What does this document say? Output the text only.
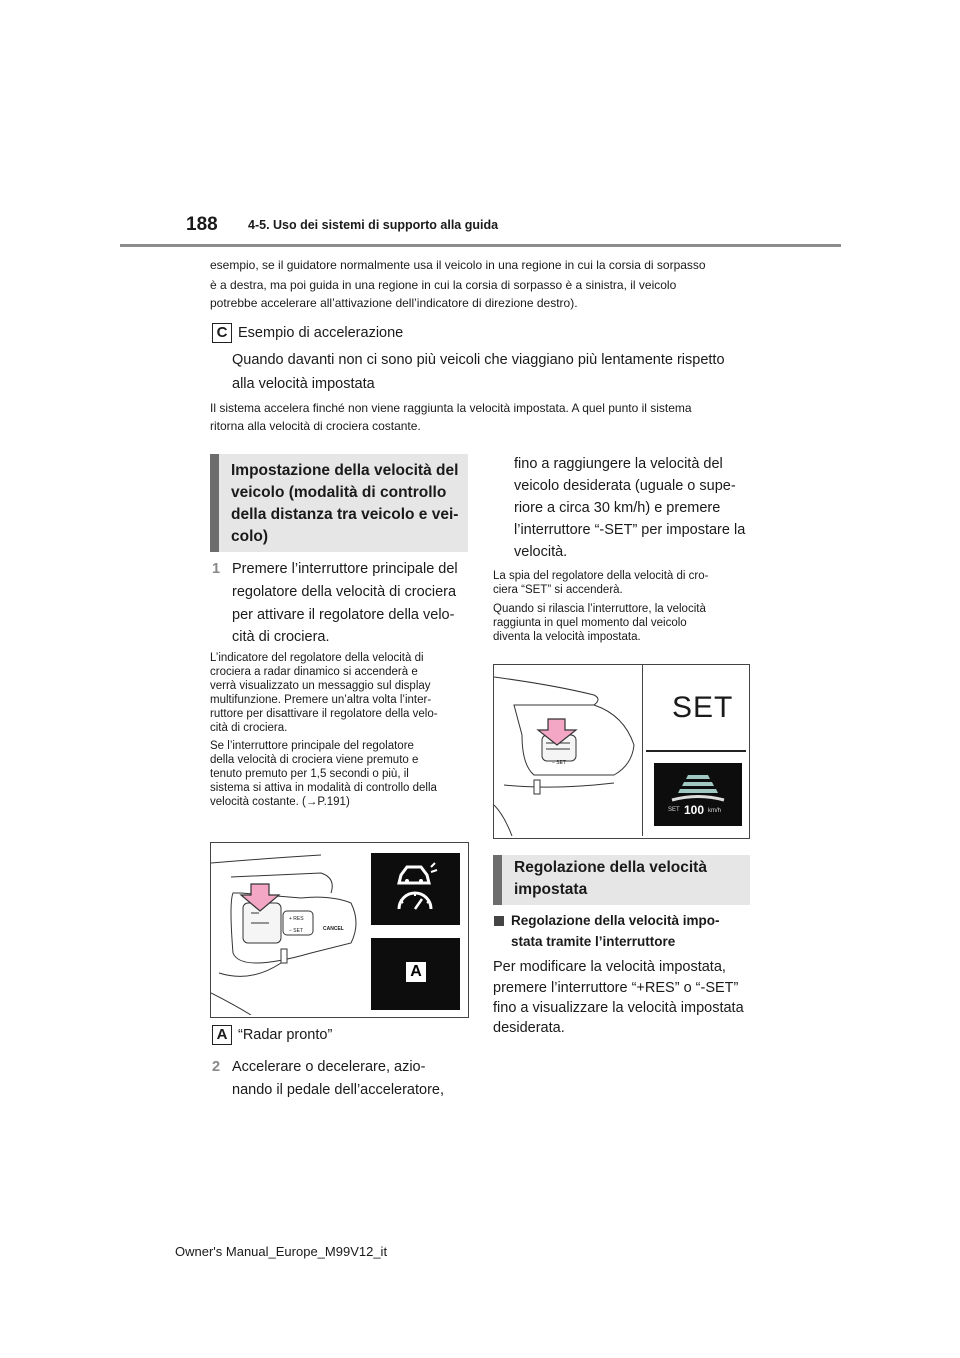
188 4-5. Uso dei sistemi di supporto alla guida
esempio, se il guidatore normalmente usa il veicolo in una regione in cui la corsia di sorpasso
è a destra, ma poi guida in una regione in cui la corsia di sorpasso è a sinistra, il veicolo
potrebbe accelerare all’attivazione dell’indicatore di direzione destro).
C Esempio di accelerazione
Quando davanti non ci sono più veicoli che viaggiano più lentamente rispetto
alla velocità impostata
Il sistema accelera finché non viene raggiunta la velocità impostata. A quel punto il sistema
ritorna alla velocità di crociera costante.
Impostazione della velocità del
veicolo (modalità di controllo
della distanza tra veicolo e vei-
colo)
1 Premere l’interruttore principale del
regolatore della velocità di crociera
per attivare il regolatore della velo-
cità di crociera.
L’indicatore del regolatore della velocità di
crociera a radar dinamico si accenderà e
verrà visualizzato un messaggio sul display
multifunzione. Premere un’altra volta l’inter-
ruttore per disattivare il regolatore della velo-
cità di crociera.
Se l’interruttore principale del regolatore
della velocità di crociera viene premuto e
tenuto premuto per 1,5 secondi o più, il
sistema si attiva in modalità di controllo della
velocità costante. (→P.191)
+ RES
− SET	CANCEL
A
A “Radar pronto”
2 Accelerare o decelerare, azio-
nando il pedale dell’acceleratore,
fino a raggiungere la velocità del
veicolo desiderata (uguale o supe-
riore a circa 30 km/h) e premere
l’interruttore “-SET” per impostare la
velocità.
La spia del regolatore della velocità di cro-
ciera “SET” si accenderà.
Quando si rilascia l’interruttore, la velocità
raggiunta in quel momento dal veicolo
diventa la velocità impostata.
− SET
SET
SET 100 km/h
Regolazione della velocità
impostata
Regolazione della velocità impo-
stata tramite l’interruttore
Per modificare la velocità impostata,
premere l’interruttore “+RES” o “-SET”
fino a visualizzare la velocità impostata
desiderata.
Owner's Manual_Europe_M99V12_it
